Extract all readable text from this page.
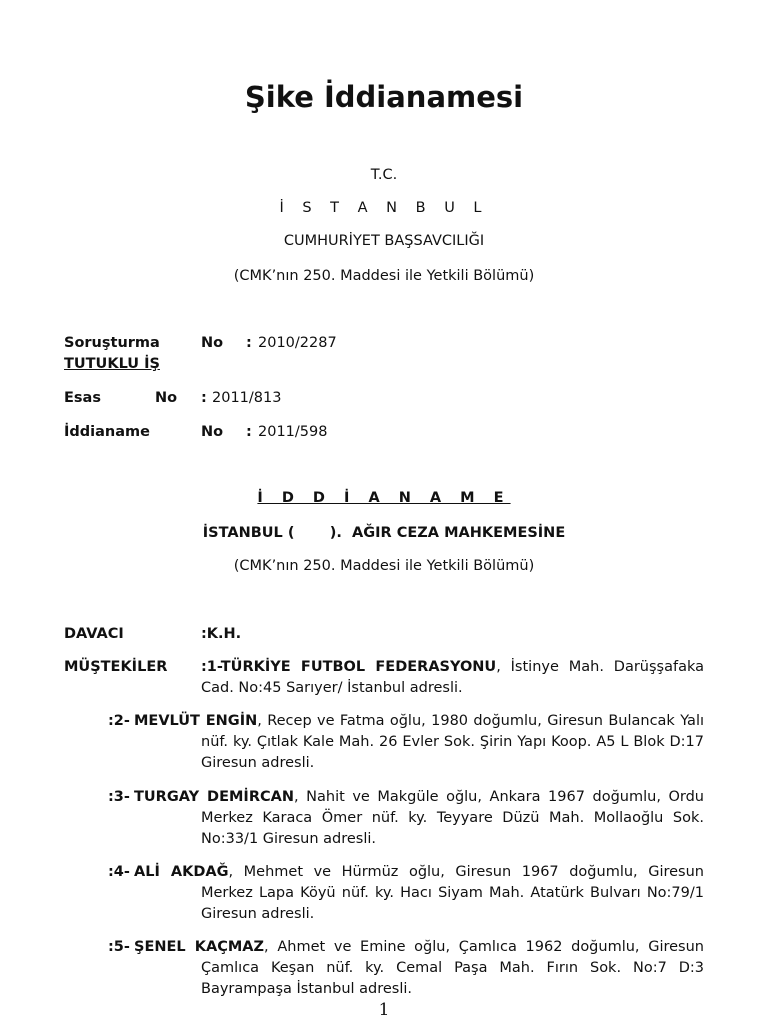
Şike İddianamesi
T.C.
İ S T A N B U L
CUMHURİYET BAŞSAVCILIĞI
(CMK’nın 250. Maddesi ile Yetkili Bölümü)
Soruşturma	No : 2010/2287
TUTUKLU İŞ
Esas	No : 2011/813
İddianame	No : 2011/598
İ D D İ A N A M E
İSTANBUL (       ).  AĞIR CEZA MAHKEMESİNE
(CMK’nın 250. Maddesi ile Yetkili Bölümü)
DAVACI	:K.H.
MÜŞTEKİLER :1-TÜRKİYE FUTBOL FEDERASYONU, İstinye Mah. Darüşşafaka Cad. No:45 Sarıyer/ İstanbul adresli.
:2- MEVLÜT ENGİN, Recep ve Fatma oğlu, 1980 doğumlu, Giresun Bulancak Yalı nüf. ky. Çıtlak Kale Mah. 26 Evler Sok. Şirin Yapı Koop. A5 L Blok D:17 Giresun adresli.
:3- TURGAY DEMİRCAN, Nahit ve Makgüle oğlu, Ankara 1967 doğumlu, Ordu Merkez Karaca Ömer nüf. ky. Teyyare Düzü Mah. Mollaoğlu Sok. No:33/1 Giresun adresli.
:4- ALİ AKDAĞ, Mehmet ve Hürmüz oğlu, Giresun 1967 doğumlu, Giresun Merkez Lapa Köyü nüf. ky. Hacı Siyam Mah. Atatürk Bulvarı No:79/1 Giresun adresli.
:5- ŞENEL KAÇMAZ, Ahmet ve Emine oğlu, Çamlıca 1962 doğumlu, Giresun Çamlıca Keşan nüf. ky. Cemal Paşa Mah. Fırın Sok. No:7 D:3 Bayrampaşa İstanbul adresli.
1
